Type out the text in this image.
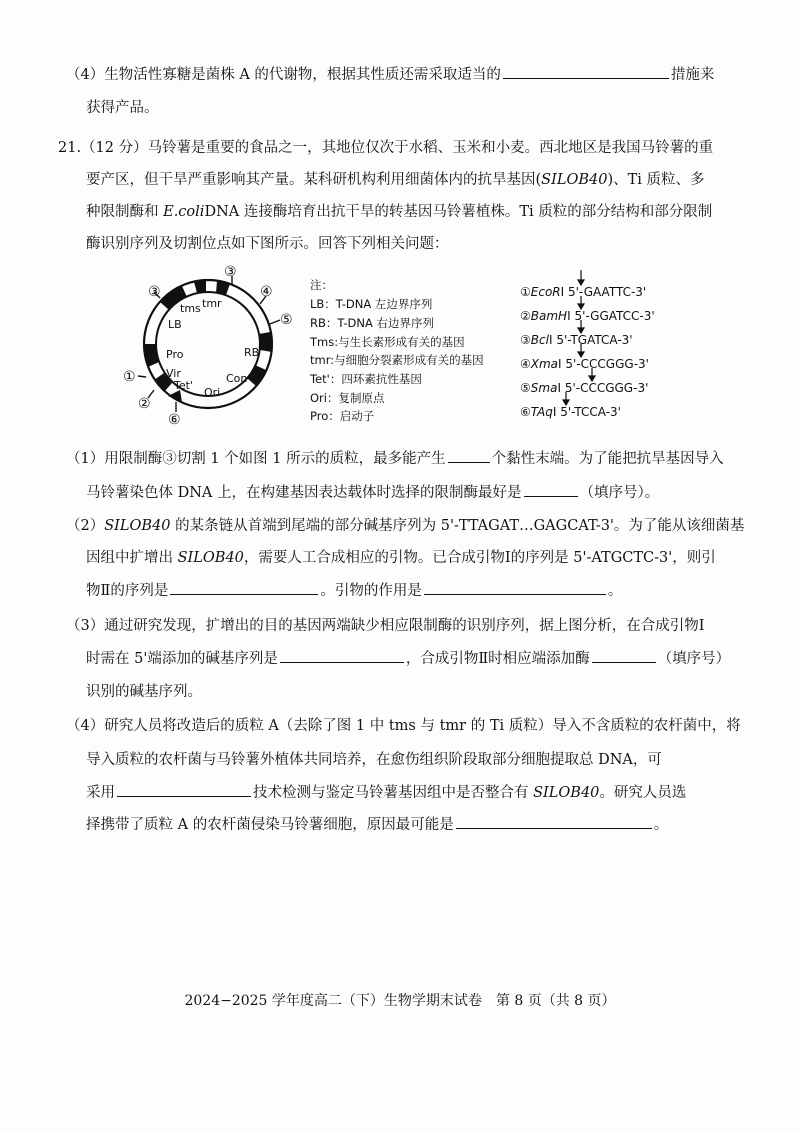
（4）生物活性寡糖是菌株 A 的代谢物，根据其性质还需采取适当的	措施来
获得产品。
21.（12 分）马铃薯是重要的食品之一，其地位仅次于水稻、玉米和小麦。西北地区是我国马铃薯的重
要产区，但干旱严重影响其产量。某科研机构利用细菌体内的抗旱基因(SILOB40)、Ti 质粒、多
种限制酶和 E.coliDNA 连接酶培育出抗干旱的转基因马铃薯植株。Ti 质粒的部分结构和部分限制
酶识别序列及切割位点如下图所示。回答下列相关问题：
③
④
⑤
③
①
②
⑥
LB
tms tmr
RB
Pro
Vir
Tet'
Ori
Con
注：
LB：T-DNA 左边界序列
RB：T-DNA 右边界序列
Tms:与生长素形成有关的基因
tmr:与细胞分裂素形成有关的基因
Tet'：四环素抗性基因
Ori：复制原点
Pro：启动子
①EcoRⅠ 5'-GAATTC-3'
②BamHⅠ 5'-GGATCC-3'
③BclⅠ 5'-TGATCA-3'
④XmaⅠ 5'-CCCGGG-3'
⑤SmaⅠ 5'-CCCGGG-3'
⑥TAqⅠ 5'-TCCA-3'
（1）用限制酶③切割 1 个如图 1 所示的质粒，最多能产生	个黏性末端。为了能把抗旱基因导入
马铃薯染色体 DNA 上，在构建基因表达载体时选择的限制酶最好是	（填序号）。
（2）SILOB40 的某条链从首端到尾端的部分碱基序列为 5'-TTAGAT…GAGCAT-3'。为了能从该细菌基
因组中扩增出 SILOB40，需要人工合成相应的引物。已合成引物Ⅰ的序列是 5'-ATGCTC-3'，则引
物Ⅱ的序列是	。引物的作用是	。
（3）通过研究发现，扩增出的目的基因两端缺少相应限制酶的识别序列，据上图分析，在合成引物Ⅰ
时需在 5'端添加的碱基序列是	，合成引物Ⅱ时相应端添加酶	（填序号）
识别的碱基序列。
（4）研究人员将改造后的质粒 A（去除了图 1 中 tms 与 tmr 的 Ti 质粒）导入不含质粒的农杆菌中，将
导入质粒的农杆菌与马铃薯外植体共同培养，在愈伤组织阶段取部分细胞提取总 DNA，可
采用	技术检测与鉴定马铃薯基因组中是否整合有 SILOB40。研究人员选
择携带了质粒 A 的农杆菌侵染马铃薯细胞，原因最可能是	。
2024−2025 学年度高二（下）生物学期末试卷　第 8 页（共 8 页）
